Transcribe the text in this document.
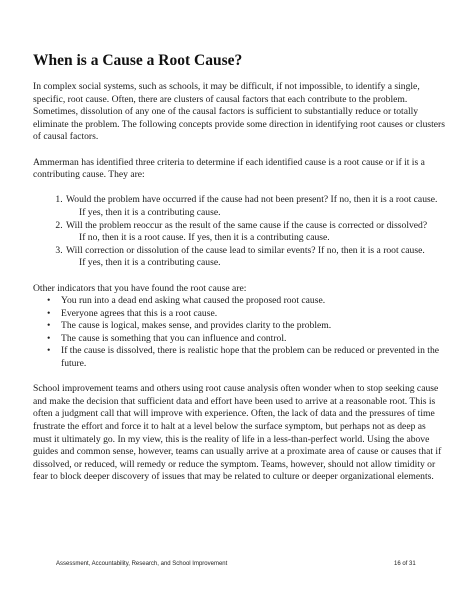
When is a Cause a Root Cause?

In complex social systems, such as schools, it may be difficult, if not impossible, to identify a single, specific, root cause. Often, there are clusters of causal factors that each contribute to the problem. Sometimes, dissolution of any one of the causal factors is sufficient to substantially reduce or totally eliminate the problem. The following concepts provide some direction in identifying root causes or clusters of causal factors.

Ammerman has identified three criteria to determine if each identified cause is a root cause or if it is a contributing cause. They are:

1. Would the problem have occurred if the cause had not been present? If no, then it is a root cause.
If yes, then it is a contributing cause.
2. Will the problem reoccur as the result of the same cause if the cause is corrected or dissolved?
If no, then it is a root cause. If yes, then it is a contributing cause.
3. Will correction or dissolution of the cause lead to similar events? If no, then it is a root cause.
If yes, then it is a contributing cause.
Other indicators that you have found the root cause are:
• You run into a dead end asking what caused the proposed root cause.
• Everyone agrees that this is a root cause.
• The cause is logical, makes sense, and provides clarity to the problem.
• The cause is something that you can influence and control.
• If the cause is dissolved, there is realistic hope that the problem can be reduced or prevented in the future.

School improvement teams and others using root cause analysis often wonder when to stop seeking cause and make the decision that sufficient data and effort have been used to arrive at a reasonable root. This is often a judgment call that will improve with experience. Often, the lack of data and the pressures of time frustrate the effort and force it to halt at a level below the surface symptom, but perhaps not as deep as must it ultimately go. In my view, this is the reality of life in a less-than-perfect world. Using the above guides and common sense, however, teams can usually arrive at a proximate area of cause or causes that if dissolved, or reduced, will remedy or reduce the symptom. Teams, however, should not allow timidity or fear to block deeper discovery of issues that may be related to culture or deeper organizational elements.

Assessment, Accountability, Research, and School Improvement	16 of 31
